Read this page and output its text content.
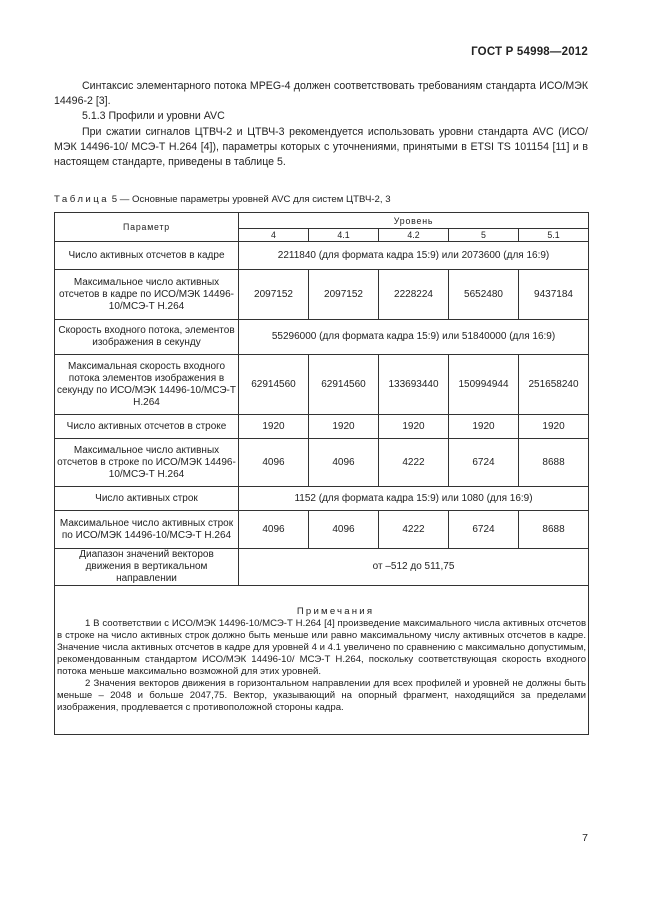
ГОСТ Р 54998—2012

Синтаксис элементарного потока MPEG-4 должен соответствовать требованиям стандарта ИСО/МЭК 14496-2 [3].

5.1.3 Профили и уровни AVC

При сжатии сигналов ЦТВЧ-2 и ЦТВЧ-3 рекомендуется использовать уровни стандарта AVC (ИСО/МЭК 14496-10/ МСЭ-Т Н.264 [4]), параметры которых с уточнениями, принятыми в ETSI TS 101154 [11] и в настоящем стандарте, приведены в таблице 5.

Таблица 5 — Основные параметры уровней AVC для систем ЦТВЧ-2, 3
Параметр	Уровень				
	4	4.1	4.2	5	5.1
Число активных отсчетов в кадре	2211840 (для формата кадра 15:9) или 2073600 (для 16:9)				
Максимальное число активных отсчетов в кадре по ИСО/МЭК 14496-10/МСЭ-Т Н.264	2097152	2097152	2228224	5652480	9437184
Скорость входного потока, элементов изображения в секунду	55296000 (для формата кадра 15:9) или 51840000 (для 16:9)				
Максимальная скорость входного потока элементов изображения в секунду по ИСО/МЭК 14496-10/МСЭ-Т Н.264	62914560	62914560	133693440	150994944	251658240
Число активных отсчетов в строке	1920	1920	1920	1920	1920
Максимальное число активных отсчетов в строке по ИСО/МЭК 14496-10/МСЭ-Т Н.264	4096	4096	4222	6724	8688
Число активных строк	1152 (для формата кадра 15:9) или 1080 (для 16:9)				
Максимальное число активных строк по ИСО/МЭК 14496-10/МСЭ-Т Н.264	4096	4096	4222	6724	8688
Диапазон значений векторов движения в вертикальном направлении	от –512 до 511,75				

Примечания

1 В соответствии с ИСО/МЭК 14496-10/МСЭ-Т Н.264 [4] произведение максимального числа активных отсчетов в строке на число активных строк должно быть меньше или равно максимальному числу активных отсчетов в кадре. Значение числа активных отсчетов в кадре для уровней 4 и 4.1 увеличено по сравнению с максимально допустимым, рекомендованным стандартом ИСО/МЭК 14496-10/ МСЭ-Т Н.264, поскольку соответствующая скорость входного потока меньше максимально возможной для этих уровней.

2 Значения векторов движения в горизонтальном направлении для всех профилей и уровней не должны быть меньше – 2048 и больше 2047,75. Вектор, указывающий на опорный фрагмент, находящийся за пределами изображения, продлевается с противоположной стороны кадра.					

7
